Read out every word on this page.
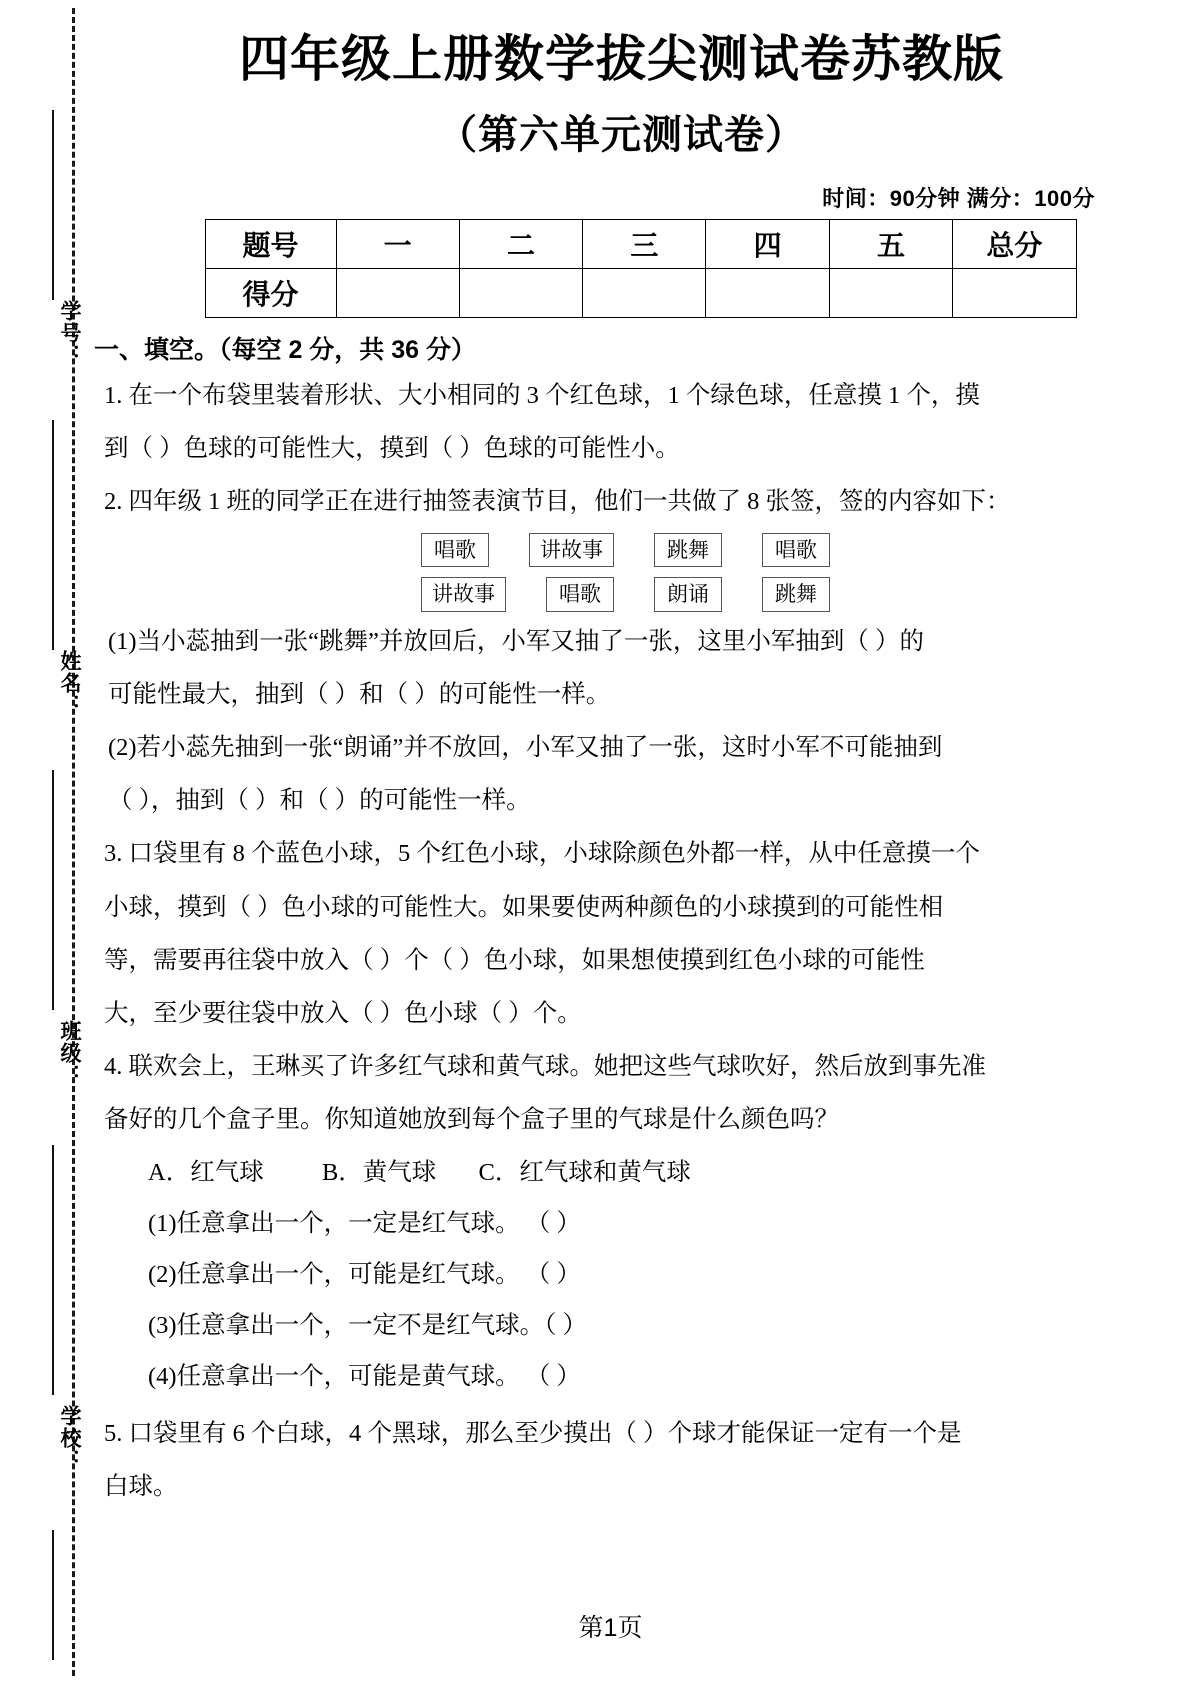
学号：
姓名：
班级：
学校：
四年级上册数学拔尖测试卷苏教版
（第六单元测试卷）
时间：90分钟 满分：100分
题号	一	二	三	四	五	总分
得分						
一、填空。（每空 2 分，共 36 分）
1. 在一个布袋里装着形状、大小相同的 3 个红色球，1 个绿色球，任意摸 1 个，摸
到（ ）色球的可能性大，摸到（ ）色球的可能性小。
2. 四年级 1 班的同学正在进行抽签表演节目，他们一共做了 8 张签，签的内容如下：
唱歌	讲故事	跳舞	唱歌
讲故事	唱歌	朗诵	跳舞
(1)当小蕊抽到一张“跳舞”并放回后，小军又抽了一张，这里小军抽到（ ）的
可能性最大，抽到（ ）和（ ）的可能性一样。
(2)若小蕊先抽到一张“朗诵”并不放回，小军又抽了一张，这时小军不可能抽到
（ ），抽到（ ）和（ ）的可能性一样。
3. 口袋里有 8 个蓝色小球，5 个红色小球，小球除颜色外都一样，从中任意摸一个
小球，摸到（ ）色小球的可能性大。如果要使两种颜色的小球摸到的可能性相
等，需要再往袋中放入（ ）个（ ）色小球，如果想使摸到红色小球的可能性
大，至少要往袋中放入（ ）色小球（ ）个。
4. 联欢会上，王琳买了许多红气球和黄气球。她把这些气球吹好，然后放到事先准
备好的几个盒子里。你知道她放到每个盒子里的气球是什么颜色吗？
A．红气球 B．黄气球 C．红气球和黄气球
(1)任意拿出一个，一定是红气球。 （ ）
(2)任意拿出一个，可能是红气球。 （ ）
(3)任意拿出一个，一定不是红气球。（ ）
(4)任意拿出一个，可能是黄气球。 （ ）
5. 口袋里有 6 个白球，4 个黑球，那么至少摸出（ ）个球才能保证一定有一个是
白球。
第1页
